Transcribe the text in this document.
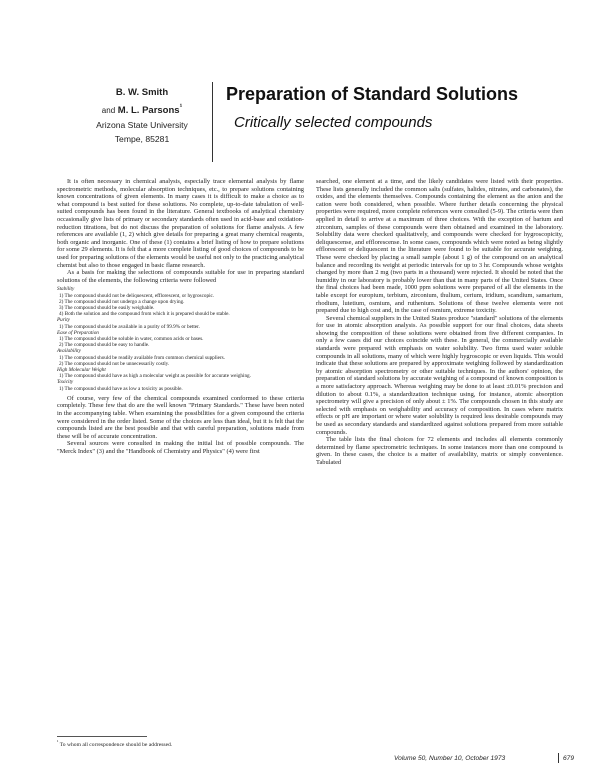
B. W. Smith
and M. L. Parsons$^{^1}$
Arizona State University
Tempe, 85281
Preparation of Standard Solutions
Critically selected compounds

It is often necessary in chemical analysis, especially trace elemental analysis by flame spectrometric methods, molecular absorption techniques, etc., to prepare solutions containing known concentrations of given elements. In many cases it is difficult to make a choice as to what compound is best suited for these solutions. No complete, up-to-date tabulation of well-suited compounds has been found in the literature. General textbooks of analytical chemistry occasionally give lists of primary or secondary standards often used in acid-base and oxidation-reduction titrations, but do not discuss the preparation of solutions for flame analysis. A few references are available (1, 2) which give details for preparing a great many chemical reagents, both organic and inorganic. One of these (1) contains a brief listing of how to prepare solutions for some 29 elements. It is felt that a more complete listing of good choices of compounds to be used for preparing solutions of the elements would be useful not only to the practicing analytical chemist but also to those engaged in basic flame research.

As a basis for making the selections of compounds suitable for use in preparing standard solutions of the elements, the following criteria were followed

Stability
1) The compound should not be deliquescent, efflorescent, or hygroscopic.
2) The compound should not undergo a change upon drying.
3) The compound should be easily weighable.
4) Both the solution and the compound from which it is prepared should be stable.
Purity
1) The compound should be available in a purity of 99.9% or better.
Ease of Preparation
1) The compound should be soluble in water, common acids or bases.
2) The compound should be easy to handle.
Availability
1) The compound should be readily available from common chemical suppliers.
2) The compound should not be unnecessarily costly.
High Molecular Weight
1) The compound should have as high a molecular weight as possible for accurate weighing.
Toxicity
1) The compound should have as low a toxicity as possible.

Of course, very few of the chemical compounds examined conformed to these criteria completely. These few that do are the well known "Primary Standards." These have been noted in the accompanying table. When examining the possibilities for a given compound the criteria were considered in the order listed. Some of the choices are less than ideal, but it is felt that the compounds listed are the best possible and that with careful preparation, solutions made from these will be of accurate concentration.

Several sources were consulted in making the initial list of possible compounds. The "Merck Index" (3) and the "Handbook of Chemistry and Physics" (4) were first

searched, one element at a time, and the likely candidates were listed with their properties. These lists generally included the common salts (sulfates, halides, nitrates, and carbonates), the oxides, and the elements themselves. Compounds containing the element as the anion and the cation were both considered, when possible. Where further details concerning the physical properties were required, more complete references were consulted (5-9). The criteria were then applied in detail to arrive at a maximum of three choices. With the exception of barium and zirconium, samples of these compounds were then obtained and examined in the laboratory. Solubility data were checked qualitatively, and compounds were checked for hygroscopicity, deliquescense, and efflorescense. In some cases, compounds which were noted as being slightly efflorescent or deliquescent in the literature were found to be suitable for accurate weighing. These were checked by placing a small sample (about 1 g) of the compound on an analytical balance and recording its weight at periodic intervals for up to 3 hr. Compounds whose weights changed by more than 2 mg (two parts in a thousand) were rejected. It should be noted that the humidity in our laboratory is probably lower than that in many parts of the United States. Once the final choices had been made, 1000 ppm solutions were prepared of all the elements in the table except for europium, terbium, zirconium, thulium, cerium, iridium, scandium, samarium, rhodium, lutetium, osmium, and ruthenium. Solutions of these twelve elements were not prepared due to high cost and, in the case of osmium, extreme toxicity.

Several chemical suppliers in the United States produce "standard" solutions of the elements for use in atomic absorption analysis. As possible support for our final choices, data sheets showing the composition of these solutions were obtained from five different companies. In only a few cases did our choices coincide with these. In general, the commercially available standards were prepared with emphasis on water solubility. Two firms used water soluble compounds in all solutions, many of which were highly hygroscopic or even liquids. This would indicate that these solutions are prepared by approximate weighing followed by standardization by atomic absorption spectrometry or other suitable techniques. In the authors' opinion, the preparation of standard solutions by accurate weighing of a compound of known composition is a more satisfactory approach. Whereas weighing may be done to at least ±0.01% precision and dilution to about 0.1%, a standardization technique using, for instance, atomic absorption spectrometry will give a precision of only about ± 1%. The compounds chosen in this study are selected with emphasis on weighability and accuracy of composition. In cases where matrix effects or pH are important or where water solubility is required less desirable compounds may be used as secondary standards and standardized against solutions prepared from more suitable compounds.

The table lists the final choices for 72 elements and includes all elements commonly determined by flame spectrometric techniques. In some instances more than one compound is given. In these cases, the choice is a matter of availability, matrix or simply convenience. Tabulated

$^{^1}$ To whom all correspondence should be addressed.
Volume 50, Number 10, October 1973	679
